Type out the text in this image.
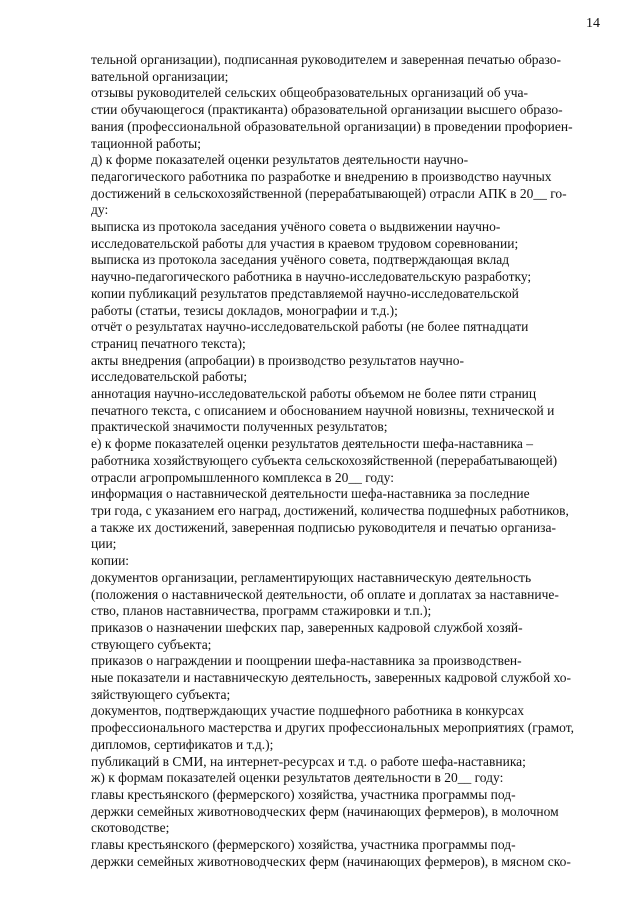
14

тельной организации), подписанная руководителем и заверенная печатью образо-
вательной организации;

отзывы руководителей сельских общеобразовательных организаций об уча-
стии обучающегося (практиканта) образовательной организации высшего образо-
вания (профессиональной образовательной организации) в проведении профориен-
тационной работы;

д) к форме показателей оценки результатов деятельности научно-
педагогического работника по разработке и внедрению в производство научных
достижений в сельскохозяйственной (перерабатывающей) отрасли АПК в 20__ го-
ду:

выписка из протокола заседания учёного совета о выдвижении научно-
исследовательской работы для участия в краевом трудовом соревновании;

выписка из протокола заседания учёного совета, подтверждающая вклад
научно-педагогического работника в научно-исследовательскую разработку;

копии публикаций результатов представляемой научно-исследовательской
работы (статьи, тезисы докладов, монографии и т.д.);

отчёт о результатах научно-исследовательской работы (не более пятнадцати
страниц печатного текста);

акты внедрения (апробации) в производство результатов научно-
исследовательской работы;

аннотация научно-исследовательской работы объемом не более пяти страниц
печатного текста, с описанием и обоснованием научной новизны, технической и
практической значимости полученных результатов;

е) к форме показателей оценки результатов деятельности шефа-наставника –
работника хозяйствующего субъекта сельскохозяйственной (перерабатывающей)
отрасли агропромышленного комплекса в 20__ году:

информация о наставнической деятельности шефа-наставника за последние
три года, с указанием его наград, достижений, количества подшефных работников,
а также их достижений, заверенная подписью руководителя и печатью организа-
ции;

копии:

документов организации, регламентирующих наставническую деятельность
(положения о наставнической деятельности, об оплате и доплатах за наставниче-
ство, планов наставничества, программ стажировки и т.п.);

приказов о назначении шефских пар, заверенных кадровой службой хозяй-
ствующего субъекта;

приказов о награждении и поощрении шефа-наставника за производствен-
ные показатели и наставническую деятельность, заверенных кадровой службой хо-
зяйствующего субъекта;

документов, подтверждающих участие подшефного работника в конкурсах
профессионального мастерства и других профессиональных мероприятиях (грамот,
дипломов, сертификатов и т.д.);

публикаций в СМИ, на интернет-ресурсах и т.д. о работе шефа-наставника;

ж) к формам показателей оценки результатов деятельности в 20__ году:

главы крестьянского (фермерского) хозяйства, участника программы под-
держки семейных животноводческих ферм (начинающих фермеров), в молочном
скотоводстве;

главы крестьянского (фермерского) хозяйства, участника программы под-
держки семейных животноводческих ферм (начинающих фермеров), в мясном ско-
